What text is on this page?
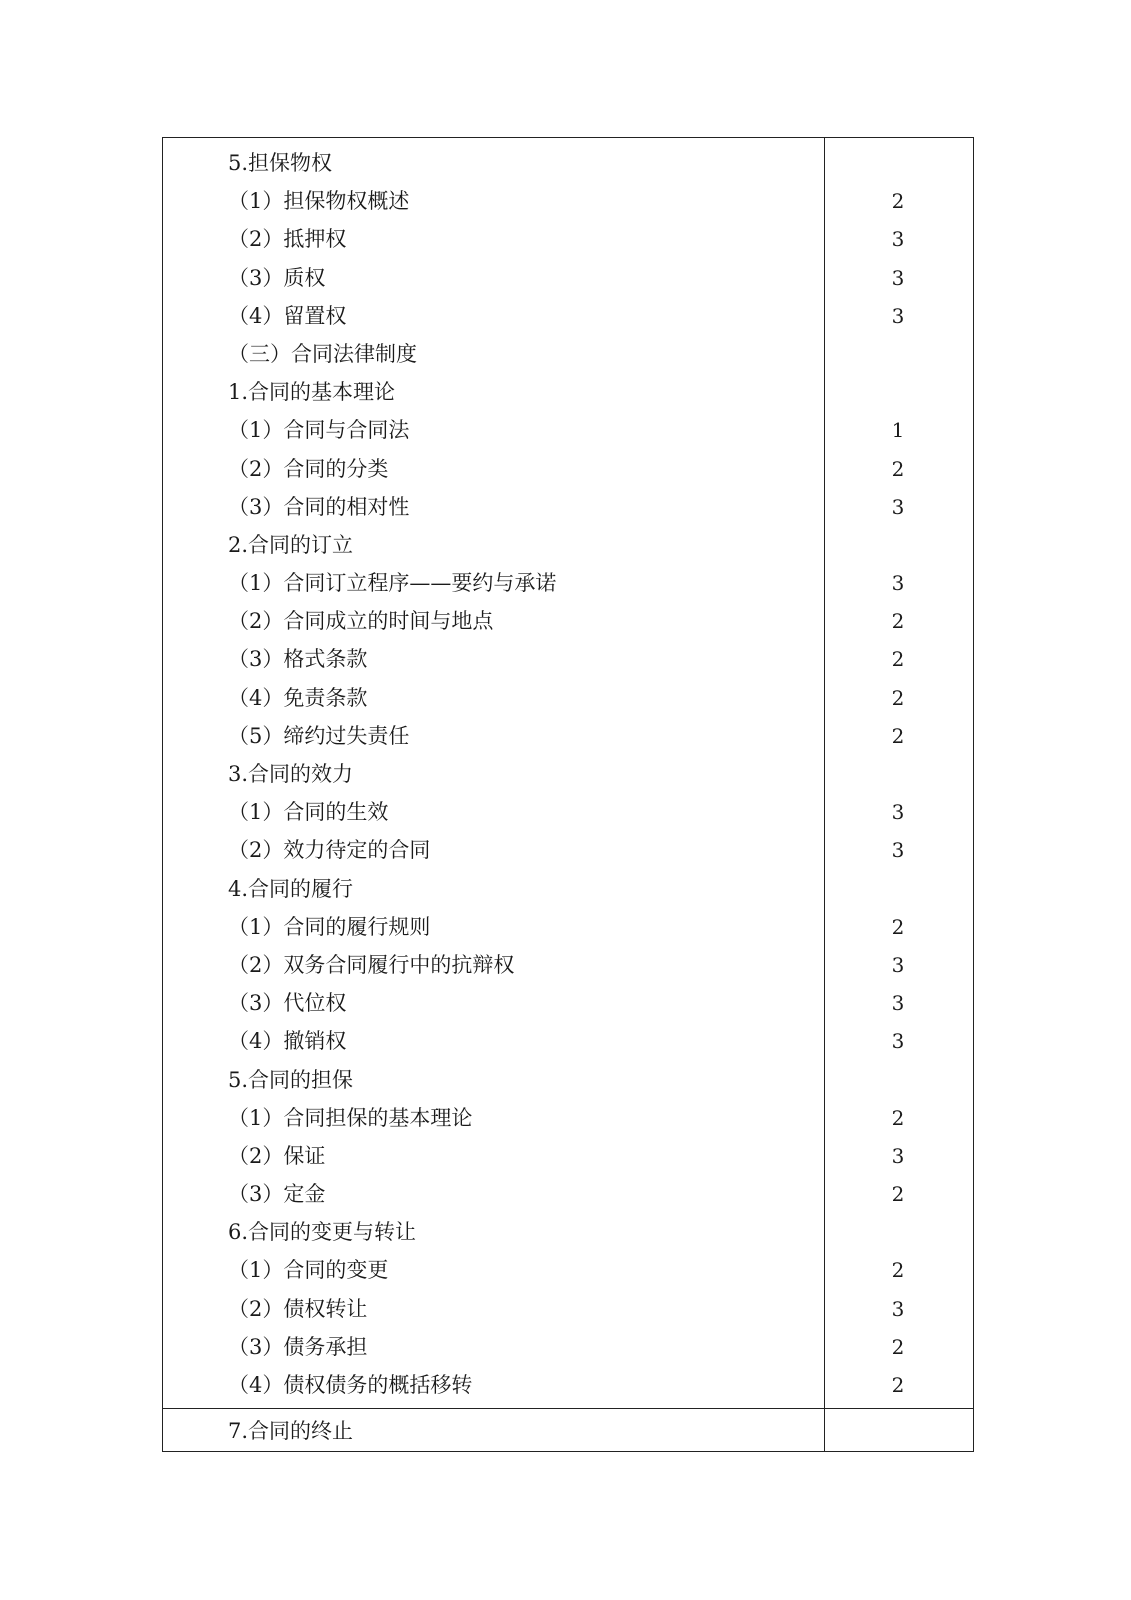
5.担保物权
（1）担保物权概述
（2）抵押权
（3）质权
（4）留置权
（三）合同法律制度
1.合同的基本理论
（1）合同与合同法
（2）合同的分类
（3）合同的相对性
2.合同的订立
（1）合同订立程序——要约与承诺
（2）合同成立的时间与地点
（3）格式条款
（4）免责条款
（5）缔约过失责任
3.合同的效力
（1）合同的生效
（2）效力待定的合同
4.合同的履行
（1）合同的履行规则
（2）双务合同履行中的抗辩权
（3）代位权
（4）撤销权
5.合同的担保
（1）合同担保的基本理论
（2）保证
（3）定金
6.合同的变更与转让
（1）合同的变更
（2）债权转让
（3）债务承担
（4）债权债务的概括移转
2
3
3
3
1
2
3
3
2
2
2
2
3
3
2
3
3
3
2
3
2
2
3
2
2
7.合同的终止
